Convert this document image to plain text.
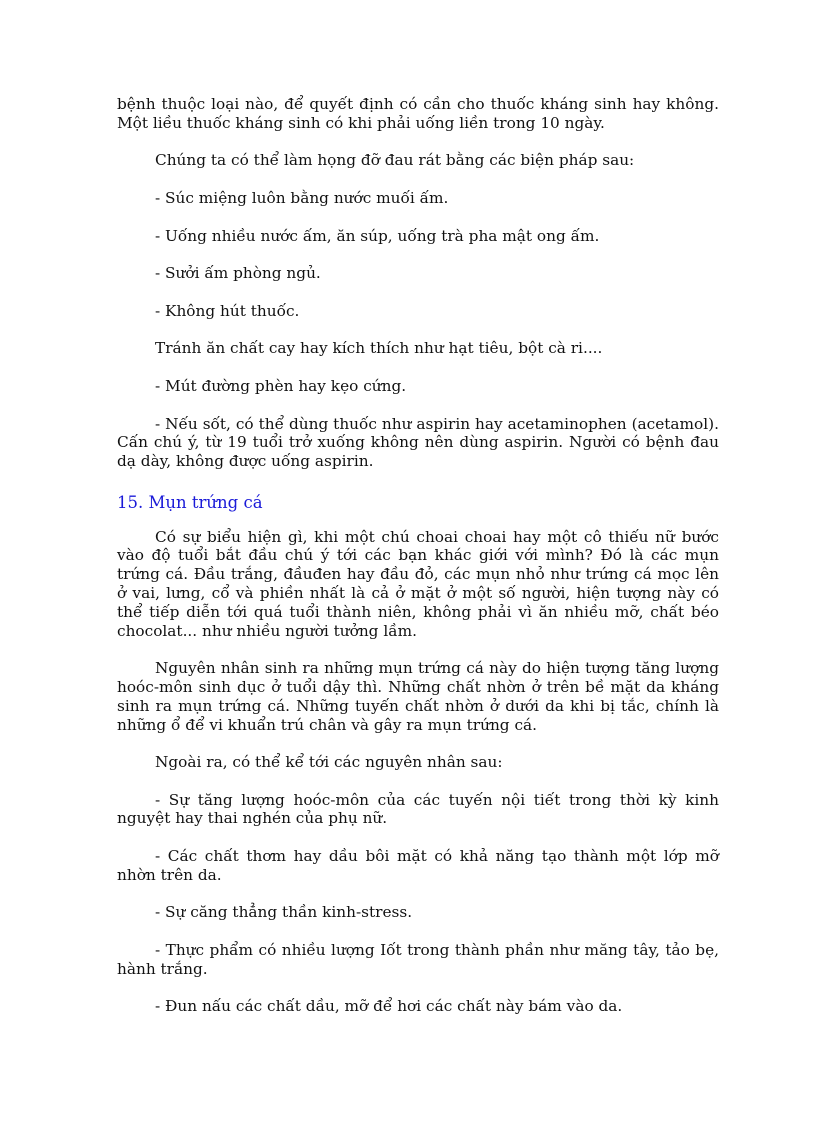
bệnh thuộc loại nào, để quyết định có cần cho thuốc kháng sinh hay không. Một liều thuốc kháng sinh có khi phải uống liền trong 10 ngày.

Chúng ta có thể làm họng đỡ đau rát bằng các biện pháp sau:

- Súc miệng luôn bằng nước muối ấm.

- Uống nhiều nước ấm, ăn súp, uống trà pha mật ong ấm.

- Sưởi ấm phòng ngủ.

- Không hút thuốc.

Tránh ăn chất cay hay kích thích như hạt tiêu, bột cà ri....

- Mút đường phèn hay kẹo cứng.

- Nếu sốt, có thể dùng thuốc như aspirin hay acetaminophen (acetamol). Cấn chú ý, từ 19 tuổi trở xuống không nên dùng aspirin. Người có bệnh đau dạ dày, không được uống aspirin.

15. Mụn trứng cá

Có sự biểu hiện gì, khi một chú choai choai hay một cô thiếu nữ bước vào độ tuổi bắt đầu chú ý tới các bạn khác giới với mình? Đó là các mụn trứng cá. Đầu trắng, đầuđen hay đầu đỏ, các mụn nhỏ như trứng cá mọc lên ở vai, lưng, cổ và phiền nhất là cả ở mặt ở một số người, hiện tượng này có thể tiếp diễn tới quá tuổi thành niên, không phải vì ăn nhiều mỡ, chất béo chocolat... như nhiều người tưởng lầm.

Nguyên nhân sinh ra những mụn trứng cá này do hiện tượng tăng lượng hoóc-môn sinh dục ở tuổi dậy thì. Những chất nhờn ở trên bề mặt da kháng sinh ra mụn trứng cá. Những tuyến chất nhờn ở dưới da khi bị tắc, chính là những ổ để vi khuẩn trú chân và gây ra mụn trứng cá.

Ngoài ra, có thể kể tới các nguyên nhân sau:

- Sự tăng lượng hoóc-môn của các tuyến nội tiết trong thời kỳ kinh nguyệt hay thai nghén của phụ nữ.

- Các chất thơm hay dầu bôi mặt có khả năng tạo thành một lớp mỡ nhờn trên da.

- Sự căng thẳng thần kinh-stress.

- Thực phẩm có nhiều lượng Iốt trong thành phần như măng tây, tảo bẹ, hành trắng.

- Đun nấu các chất dầu, mỡ để hơi các chất này bám vào da.
